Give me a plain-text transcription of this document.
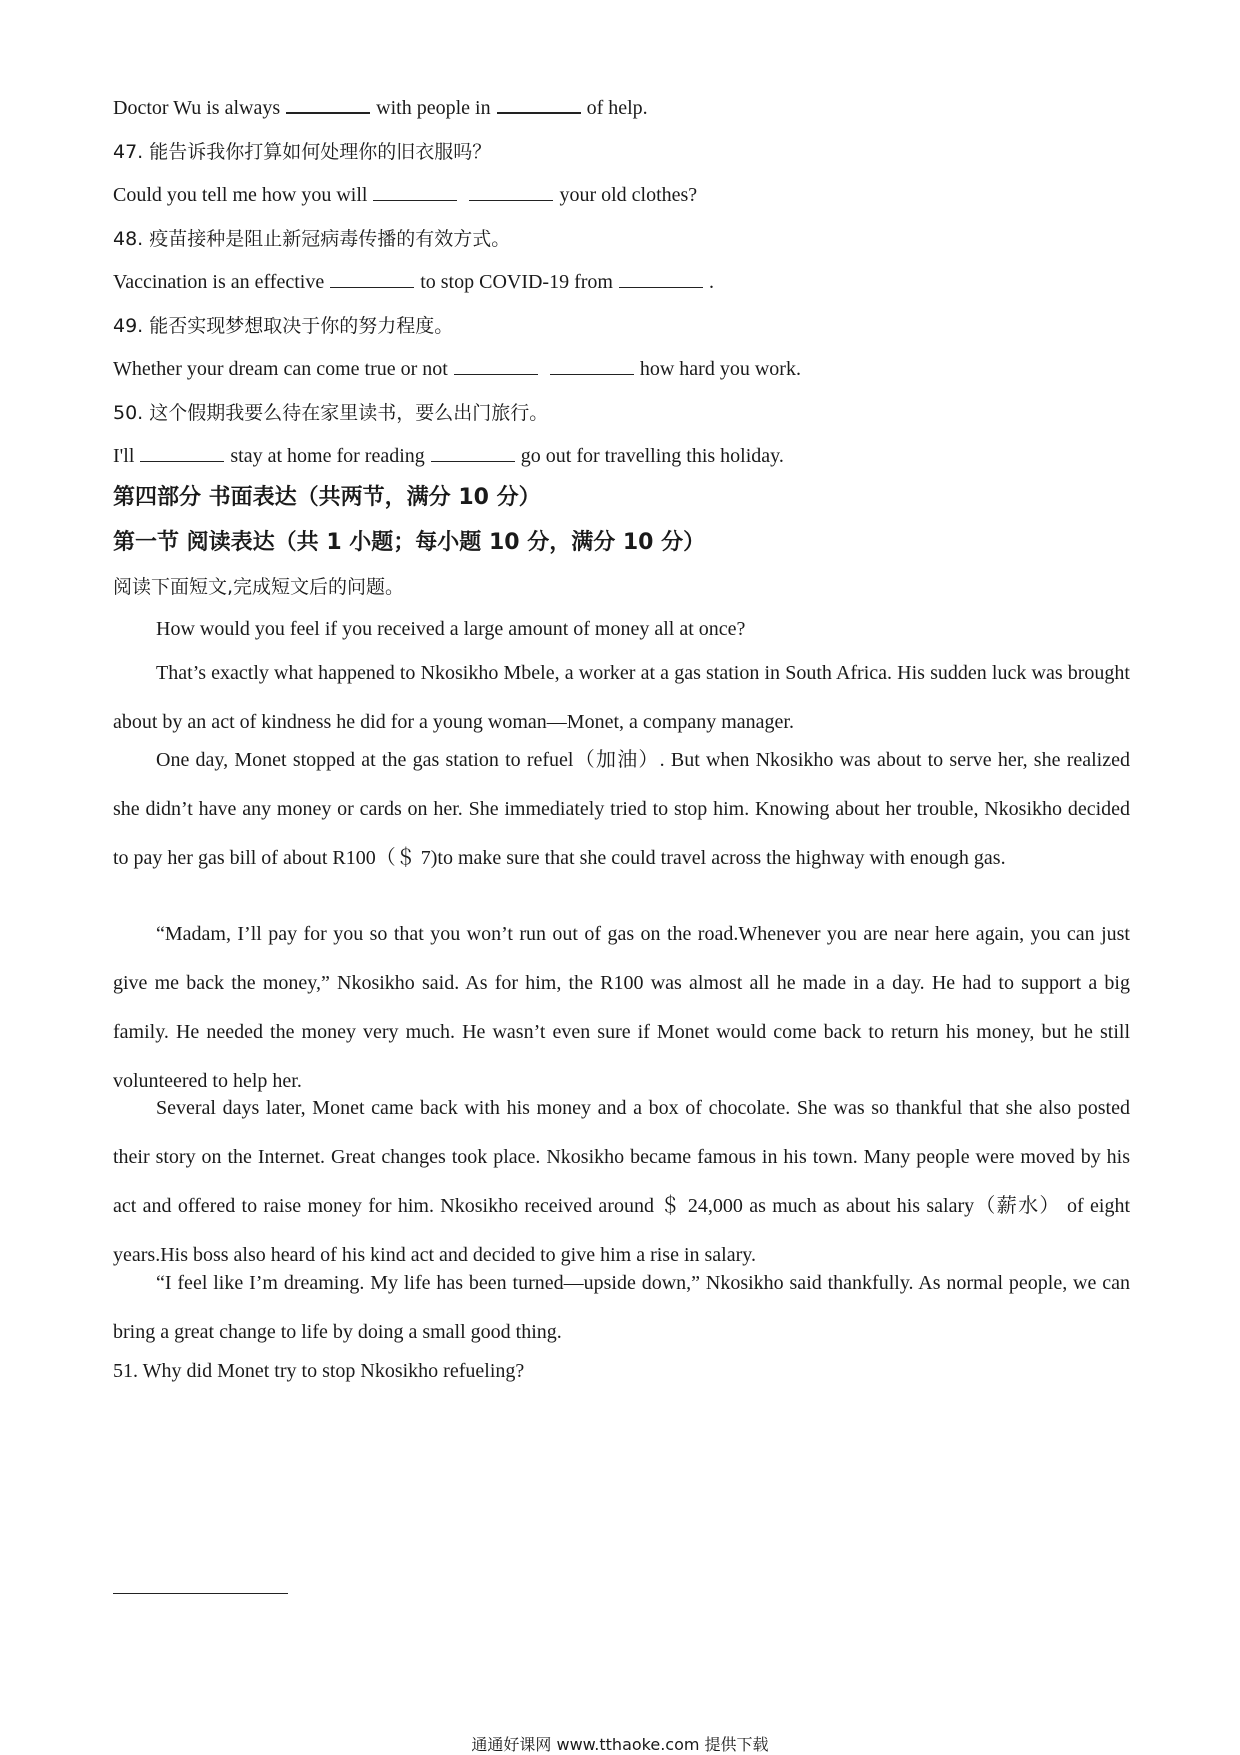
Doctor Wu is always	with people in	of help.
47. 能告诉我你打算如何处理你的旧衣服吗？
Could you tell me how you will	your old clothes?
48. 疫苗接种是阻止新冠病毒传播的有效方式。
Vaccination is an effective	to stop COVID-19 from	.
49. 能否实现梦想取决于你的努力程度。
Whether your dream can come true or not	how hard you work.
50. 这个假期我要么待在家里读书，要么出门旅行。
I'll	stay at home for reading	go out for travelling this holiday.
第四部分 书面表达（共两节，满分 10 分）
第一节 阅读表达（共 1 小题；每小题 10 分，满分 10 分）
阅读下面短文,完成短文后的问题。
How would you feel if you received a large amount of money all at once?
That’s exactly what happened to Nkosikho Mbele, a worker at a gas station in South Africa. His sudden luck was brought about by an act of kindness he did for a young woman—Monet, a company manager.
One day, Monet stopped at the gas station to refuel（加油）. But when Nkosikho was about to serve her, she realized she didn’t have any money or cards on her. She immediately tried to stop him. Knowing about her trouble, Nkosikho decided to pay her gas bill of about R100（＄ 7)to make sure that she could travel across the highway with enough gas.
“Madam, I’ll pay for you so that you won’t run out of gas on the road.Whenever you are near here again, you can just give me back the money,” Nkosikho said. As for him, the R100 was almost all he made in a day. He had to support a big family. He needed the money very much. He wasn’t even sure if Monet would come back to return his money, but he still volunteered to help her.
Several days later, Monet came back with his money and a box of chocolate. She was so thankful that she also posted their story on the Internet. Great changes took place. Nkosikho became famous in his town. Many people were moved by his act and offered to raise money for him. Nkosikho received around ＄ 24,000 as much as about his salary（薪水） of eight years.His boss also heard of his kind act and decided to give him a rise in salary.
“I feel like I’m dreaming. My life has been turned—upside down,” Nkosikho said thankfully. As normal people, we can bring a great change to life by doing a small good thing.
51. Why did Monet try to stop Nkosikho refueling?
通通好课网 www.tthaoke.com 提供下载
